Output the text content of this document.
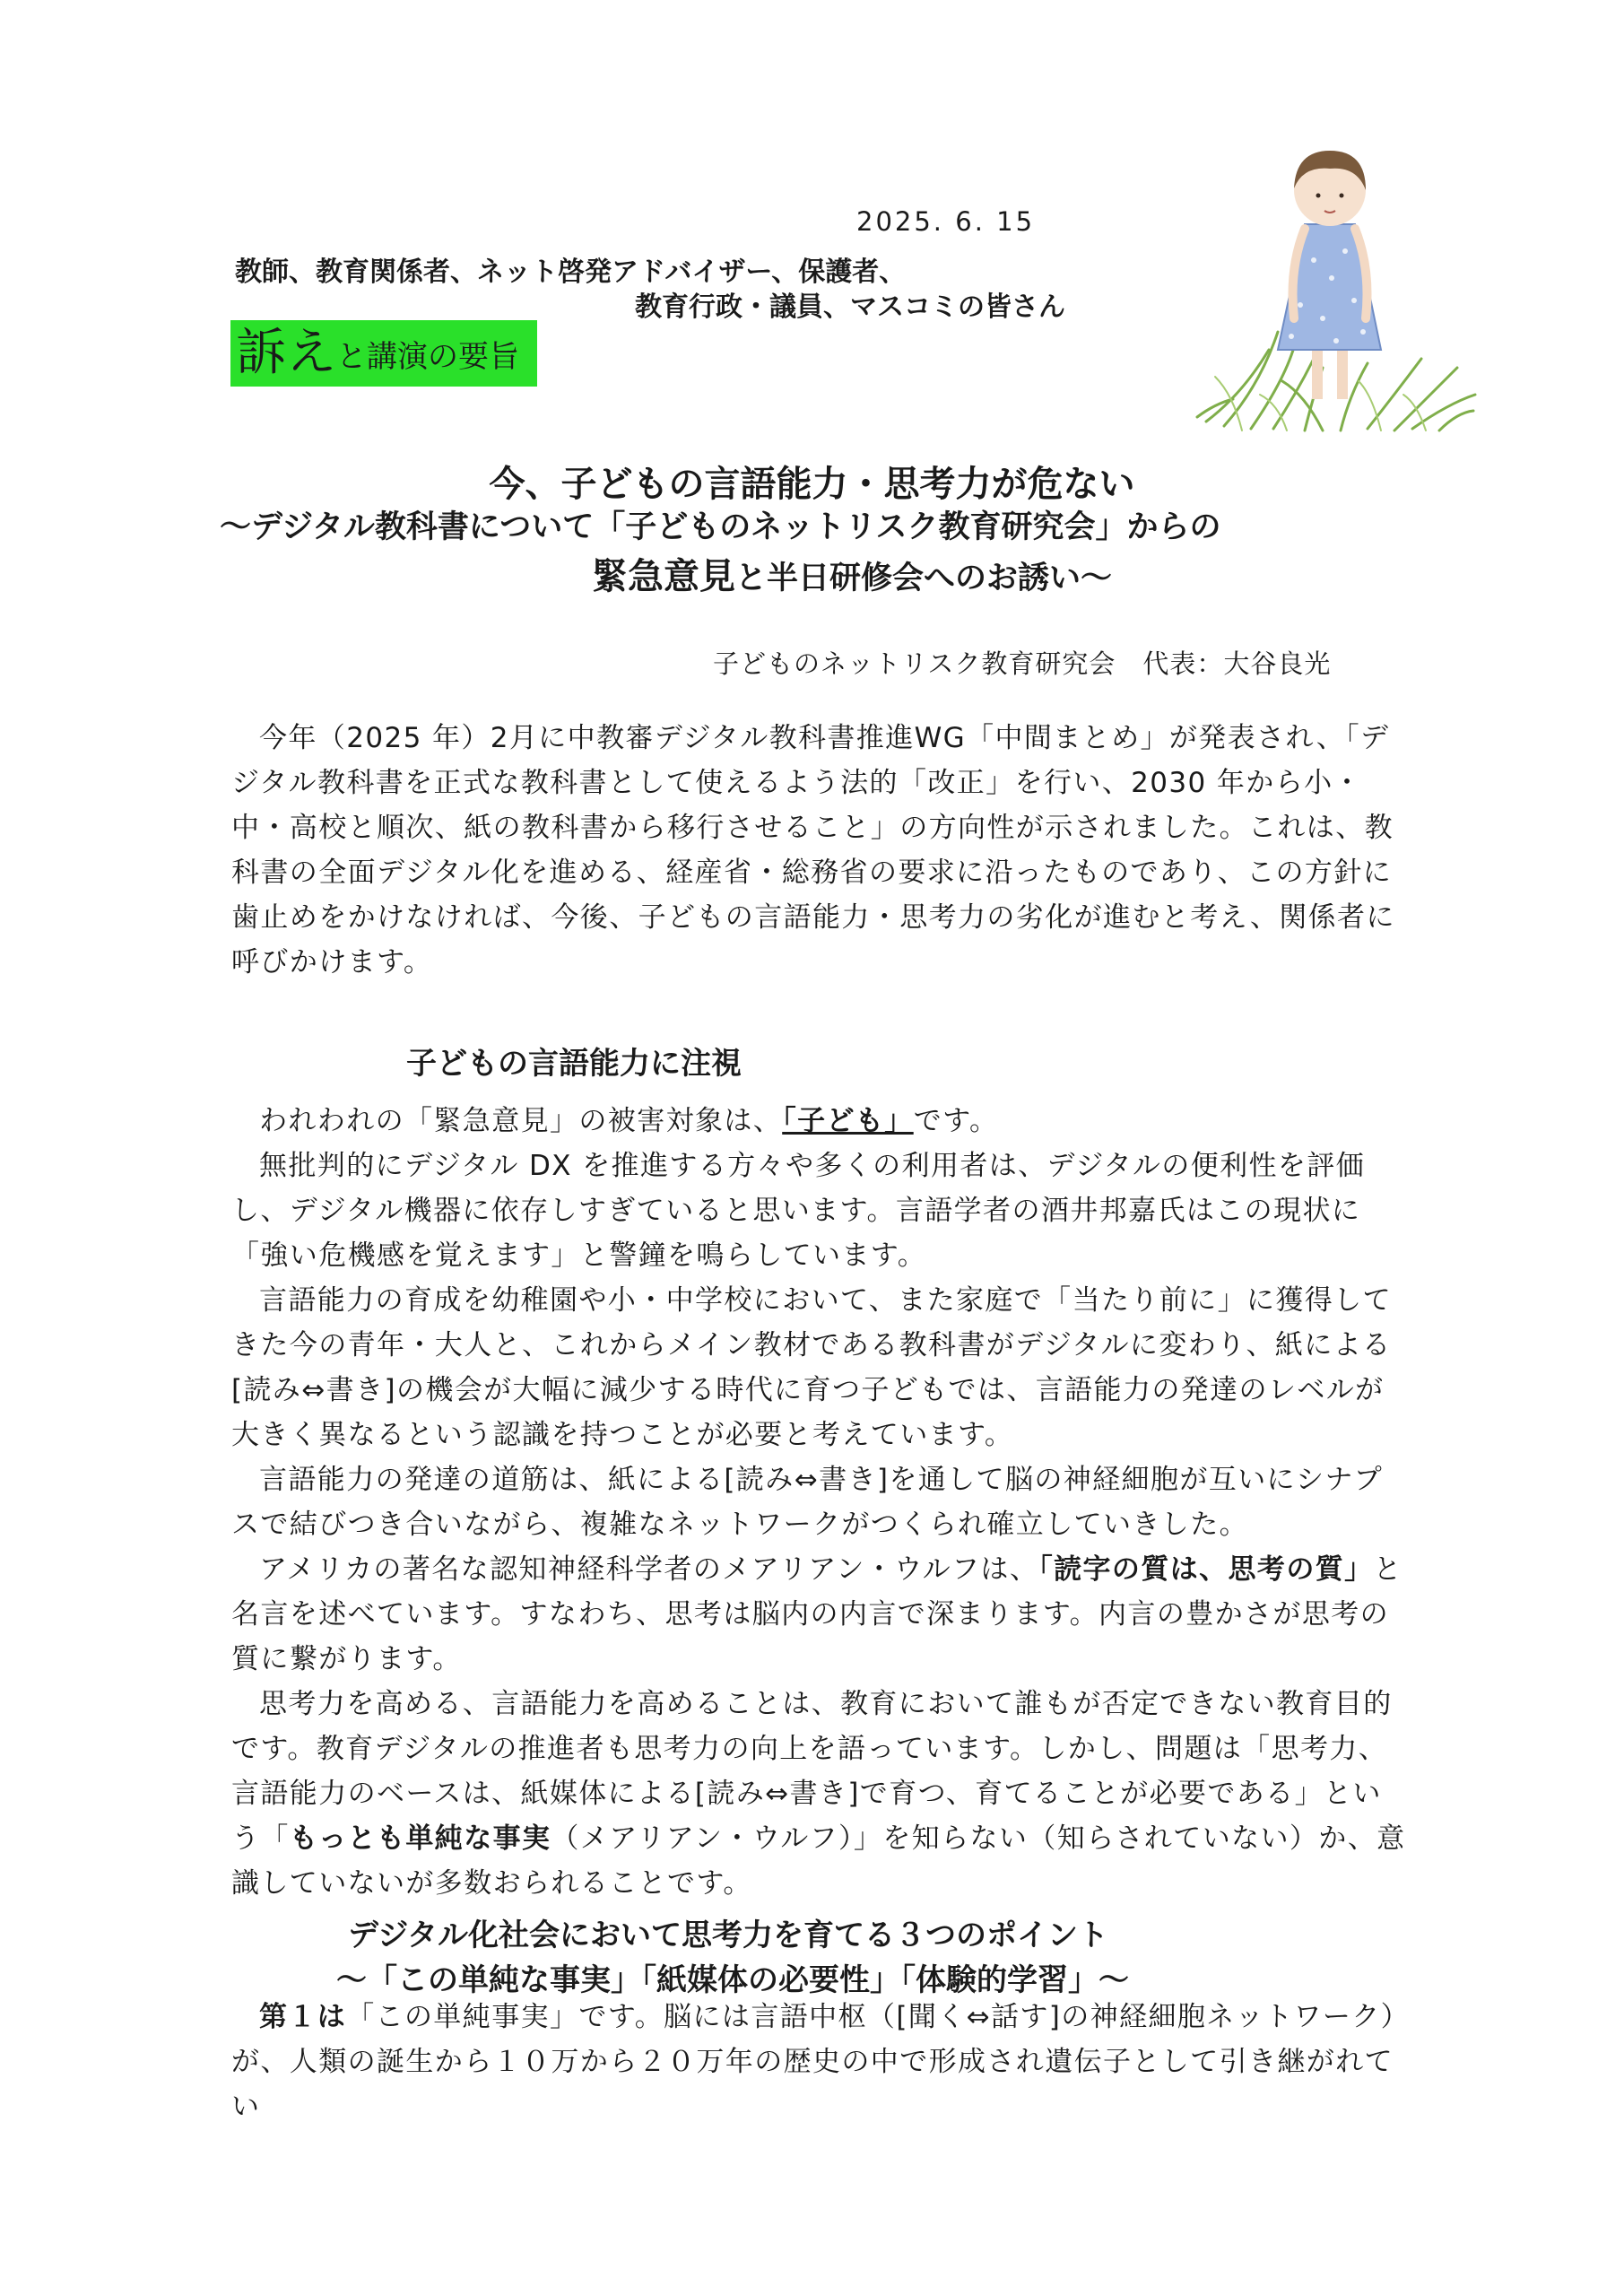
2025. 6. 15
教師、教育関係者、ネット啓発アドバイザー、保護者、
教育行政・議員、マスコミの皆さん
訴え と講演の要旨
今、子どもの言語能力・思考力が危ない
〜デジタル教科書について「子どものネットリスク教育研究会」からの
緊急意見と半日研修会へのお誘い〜
子どものネットリスク教育研究会　代表：大谷良光

今年（2025 年）2月に中教審デジタル教科書推進WG「中間まとめ」が発表され、「デジタル教科書を正式な教科書として使えるよう法的「改正」を行い、2030 年から小・中・高校と順次、紙の教科書から移行させること」の方向性が示されました。これは、教科書の全面デジタル化を進める、経産省・総務省の要求に沿ったものであり、この方針に歯止めをかけなければ、今後、子どもの言語能力・思考力の劣化が進むと考え、関係者に呼びかけます。

子どもの言語能力に注視

われわれの「緊急意見」の被害対象は、「子ども」です。

無批判的にデジタル DX を推進する方々や多くの利用者は、デジタルの便利性を評価し、デジタル機器に依存しすぎていると思います。言語学者の酒井邦嘉氏はこの現状に「強い危機感を覚えます」と警鐘を鳴らしています。

言語能力の育成を幼稚園や小・中学校において、また家庭で「当たり前に」に獲得してきた今の青年・大人と、これからメイン教材である教科書がデジタルに変わり、紙による[読み⇔書き]の機会が大幅に減少する時代に育つ子どもでは、言語能力の発達のレベルが大きく異なるという認識を持つことが必要と考えています。

言語能力の発達の道筋は、紙による[読み⇔書き]を通して脳の神経細胞が互いにシナプスで結びつき合いながら、複雑なネットワークがつくられ確立していきした。

アメリカの著名な認知神経科学者のメアリアン・ウルフは、「読字の質は、思考の質」と名言を述べています。すなわち、思考は脳内の内言で深まります。内言の豊かさが思考の質に繋がります。

思考力を高める、言語能力を高めることは、教育において誰もが否定できない教育目的です。教育デジタルの推進者も思考力の向上を語っています。しかし、問題は「思考力、言語能力のベースは、紙媒体による[読み⇔書き]で育つ、育てることが必要である」という「もっとも単純な事実（メアリアン・ウルフ）」を知らない（知らされていない）か、意識していないが多数おられることです。

デジタル化社会において思考力を育てる３つのポイント
〜「この単純な事実」「紙媒体の必要性」「体験的学習」〜

第１は「この単純事実」です。脳には言語中枢（[聞く⇔話す]の神経細胞ネットワーク）が、人類の誕生から１０万から２０万年の歴史の中で形成され遺伝子として引き継がれてい
